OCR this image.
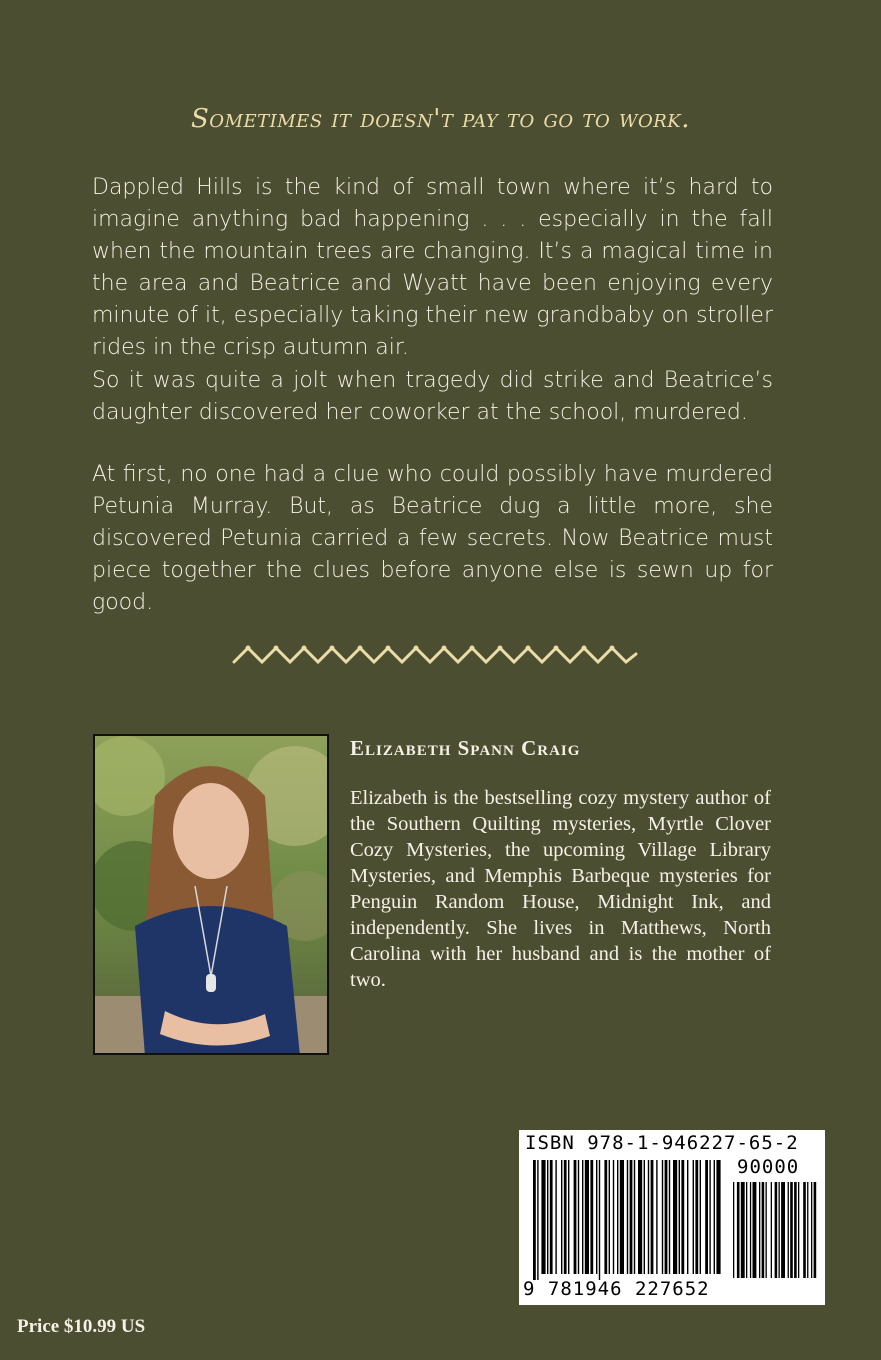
Sometimes it doesn't pay to go to work.

Dappled Hills is the kind of small town where it’s hard to imagine anything bad happening . . . especially in the fall when the mountain trees are changing. It’s a magical time in the area and Beatrice and Wyatt have been enjoying every minute of it, especially taking their new grandbaby on stroller rides in the crisp autumn air.

So it was quite a jolt when tragedy did strike and Beatrice’s daughter discovered her coworker at the school, murdered.

At first, no one had a clue who could possibly have murdered Petunia Murray. But, as Beatrice dug a little more, she discovered Petunia carried a few secrets. Now Beatrice must piece together the clues before anyone else is sewn up for good.

Elizabeth Spann Craig

Elizabeth is the bestselling cozy mystery author of the Southern Quilting mysteries, Myrtle Clover Cozy Mysteries, the upcoming Village Library Mysteries, and Memphis Barbeque mysteries for Penguin Random House, Midnight Ink, and independently. She lives in Matthews, North Carolina with her husband and is the mother of two.

ISBN 978-1-946227-65-2
90000
9 781946 227652
Price $10.99 US
